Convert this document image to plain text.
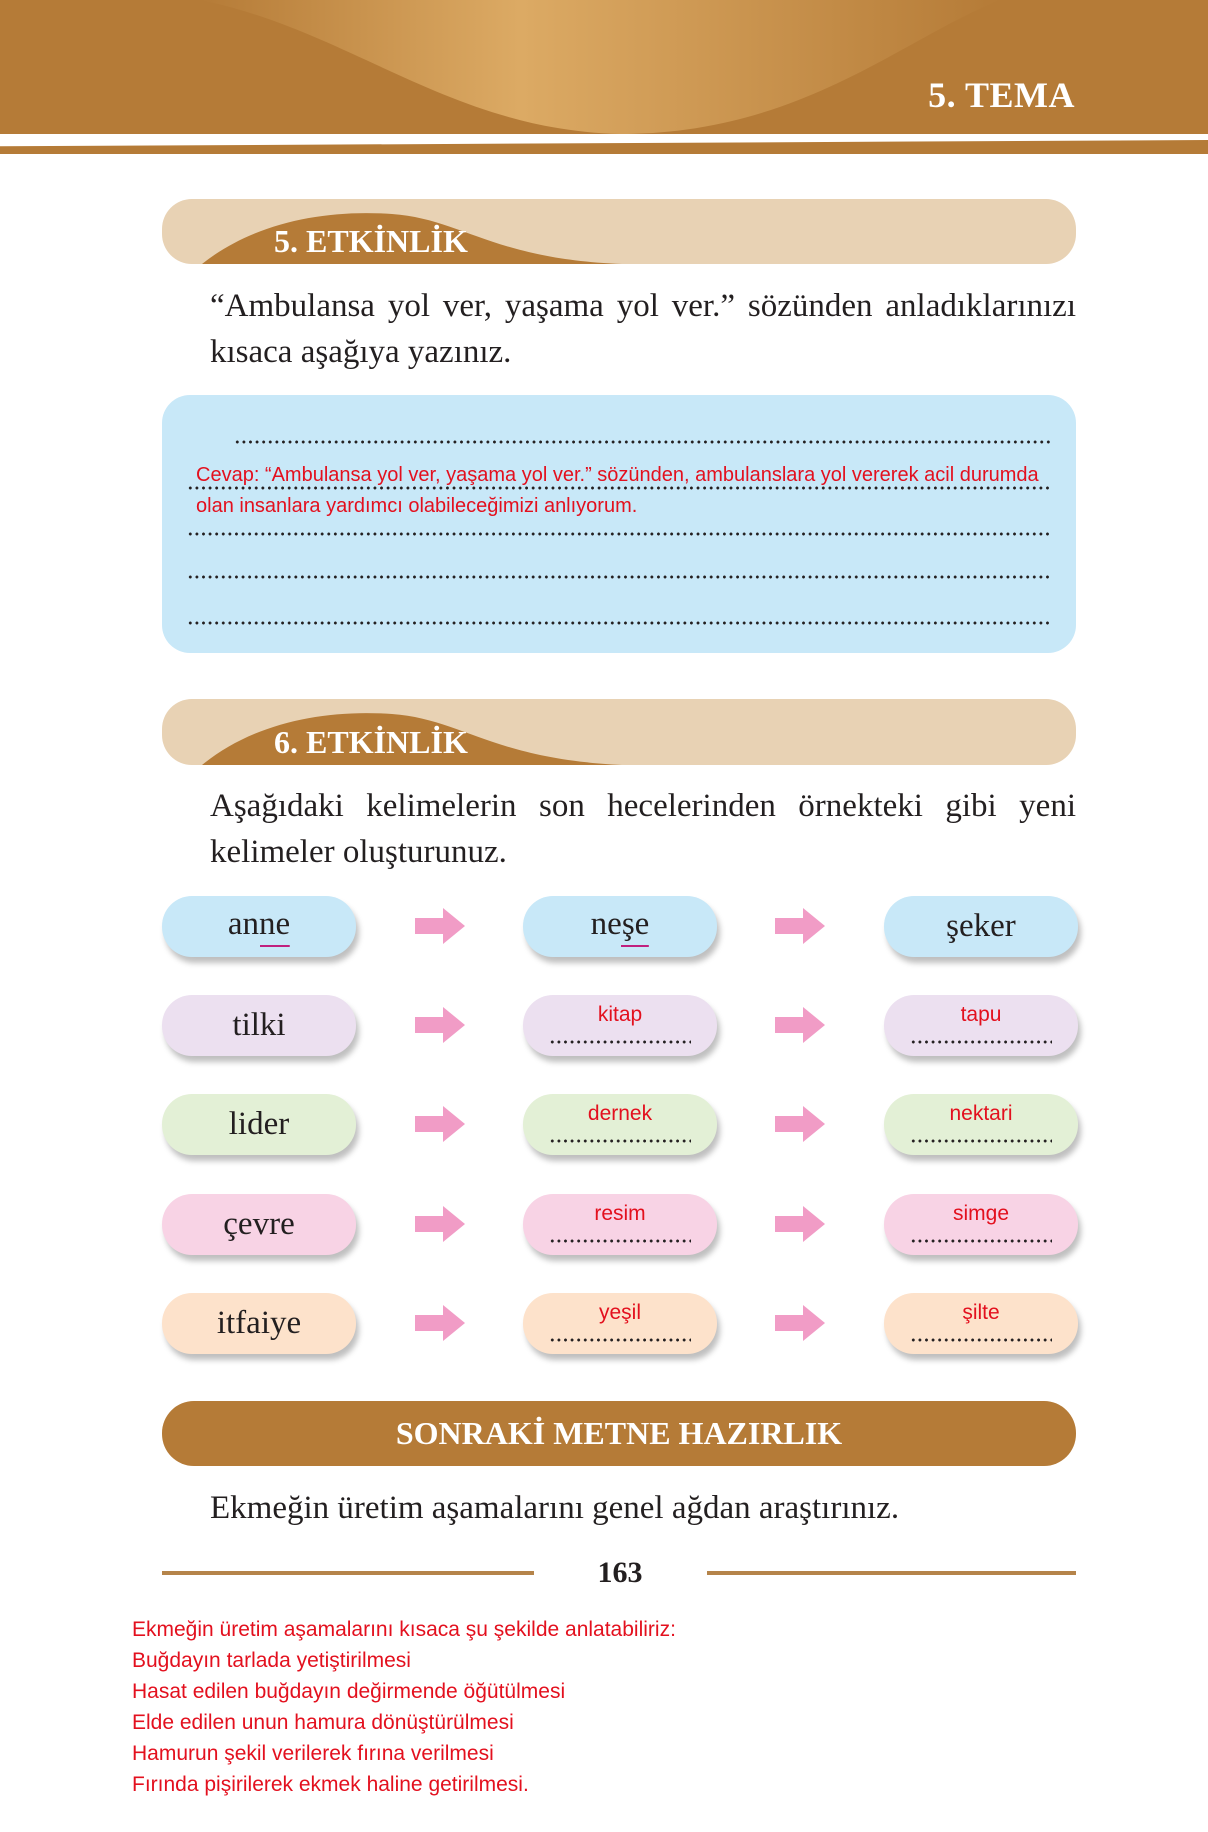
5. TEMA
5. ETKİNLİK
“Ambulansa yol ver, yaşama yol ver.” sözünden anladıklarınızı kısaca aşağıya yazınız.
Cevap: “Ambulansa yol ver, yaşama yol ver.” sözünden, ambulanslara yol vererek acil durumda
olan insanlara yardımcı olabileceğimizi anlıyorum.
6. ETKİNLİK
Aşağıdaki kelimelerin son hecelerinden örnekteki gibi yeni kelimeler oluşturunuz.
anne	neşe	şeker
tilki	kitap	tapu
lider	dernek	nektari
çevre	resim	simge
itfaiye	yeşil	şilte
SONRAKİ METNE HAZIRLIK
Ekmeğin üretim aşamalarını genel ağdan araştırınız.
163
Ekmeğin üretim aşamalarını kısaca şu şekilde anlatabiliriz:
Buğdayın tarlada yetiştirilmesi
Hasat edilen buğdayın değirmende öğütülmesi
Elde edilen unun hamura dönüştürülmesi
Hamurun şekil verilerek fırına verilmesi
Fırında pişirilerek ekmek haline getirilmesi.
